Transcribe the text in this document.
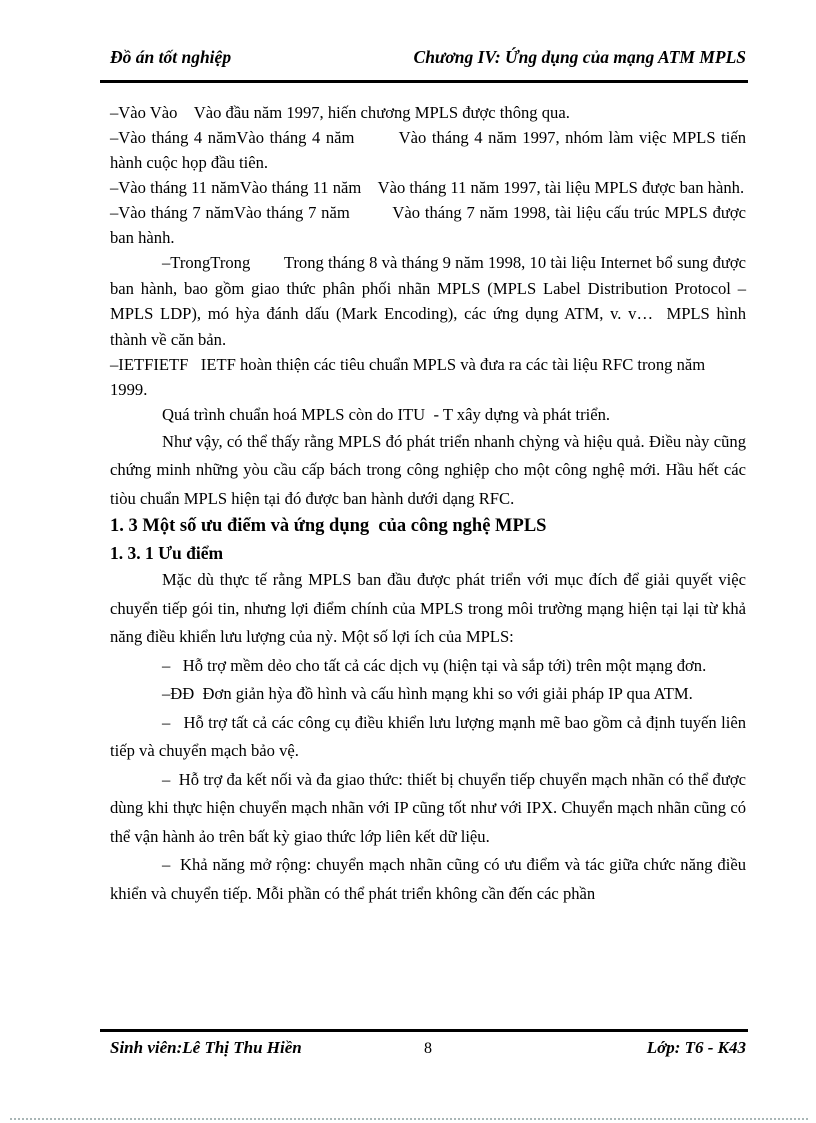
Đồ án tốt nghiệp	Chương IV: Ứng dụng của mạng ATM MPLS

–Vào Vào    Vào đầu năm 1997, hiến chương MPLS được thông qua.

–Vào tháng 4 nămVào tháng 4 năm        Vào tháng 4 năm 1997, nhóm làm việc MPLS tiến hành cuộc họp đầu tiên.

–Vào tháng 11 nămVào tháng 11 năm    Vào tháng 11 năm 1997, tài liệu MPLS được ban hành.

–Vào tháng 7 nămVào tháng 7 năm         Vào tháng 7 năm 1998, tài liệu cấu trúc MPLS được ban hành.

–TrongTrong        Trong tháng 8 và tháng 9 năm 1998, 10 tài liệu Internet bổ sung được ban hành, bao gồm giao thức phân phối nhãn MPLS (MPLS Label Distribution Protocol – MPLS LDP), mó hỳa đánh dấu (Mark Encoding), các ứng dụng ATM, v. v…  MPLS hình thành về căn bản.

–IETFIETF   IETF hoàn thiện các tiêu chuẩn MPLS và đưa ra các tài liệu RFC trong năm

1999.

Quá trình chuẩn hoá MPLS còn do ITU  - T xây dựng và phát triển.

Như vậy, có thể thấy rằng MPLS đó phát triển nhanh chỳng và hiệu quả. Điều này cũng chứng minh những yòu cầu cấp bách trong công nghiệp cho một công nghệ mới. Hầu hết các tiòu chuẩn MPLS hiện tại đó được ban hành dưới dạng RFC.

1. 3 Một số ưu điểm và ứng dụng  của công nghệ MPLS

1. 3. 1 Ưu điểm

Mặc dù thực tế rằng MPLS ban đầu được phát triển với mục đích để giải quyết việc chuyển tiếp gói tin, nhưng lợi điểm chính của MPLS trong môi trường mạng hiện tại lại từ khả năng điều khiển lưu lượng của nỳ. Một số lợi ích của MPLS:

–   Hỗ trợ mềm dẻo cho tất cả các dịch vụ (hiện tại và sắp tới) trên một mạng đơn.

–ĐĐ  Đơn giản hỳa đồ hình và cấu hình mạng khi so với giải pháp IP qua ATM.

–   Hỗ trợ tất cả các công cụ điều khiển lưu lượng mạnh mẽ bao gồm cả định tuyến liên tiếp và chuyển mạch bảo vệ.

–  Hỗ trợ đa kết nối và đa giao thức: thiết bị chuyển tiếp chuyển mạch nhãn có thể được dùng khi thực hiện chuyển mạch nhãn với IP cũng tốt như với IPX. Chuyển mạch nhãn cũng có thể vận hành ảo trên bất kỳ giao thức lớp liên kết dữ liệu.

–  Khả năng mở rộng: chuyển mạch nhãn cũng có ưu điểm và tác giữa chức năng điều khiển và chuyển tiếp. Mỗi phần có thể phát triển không cần đến các phần

Sinh viên:Lê Thị Thu Hiền	8	Lớp: T6 - K43
